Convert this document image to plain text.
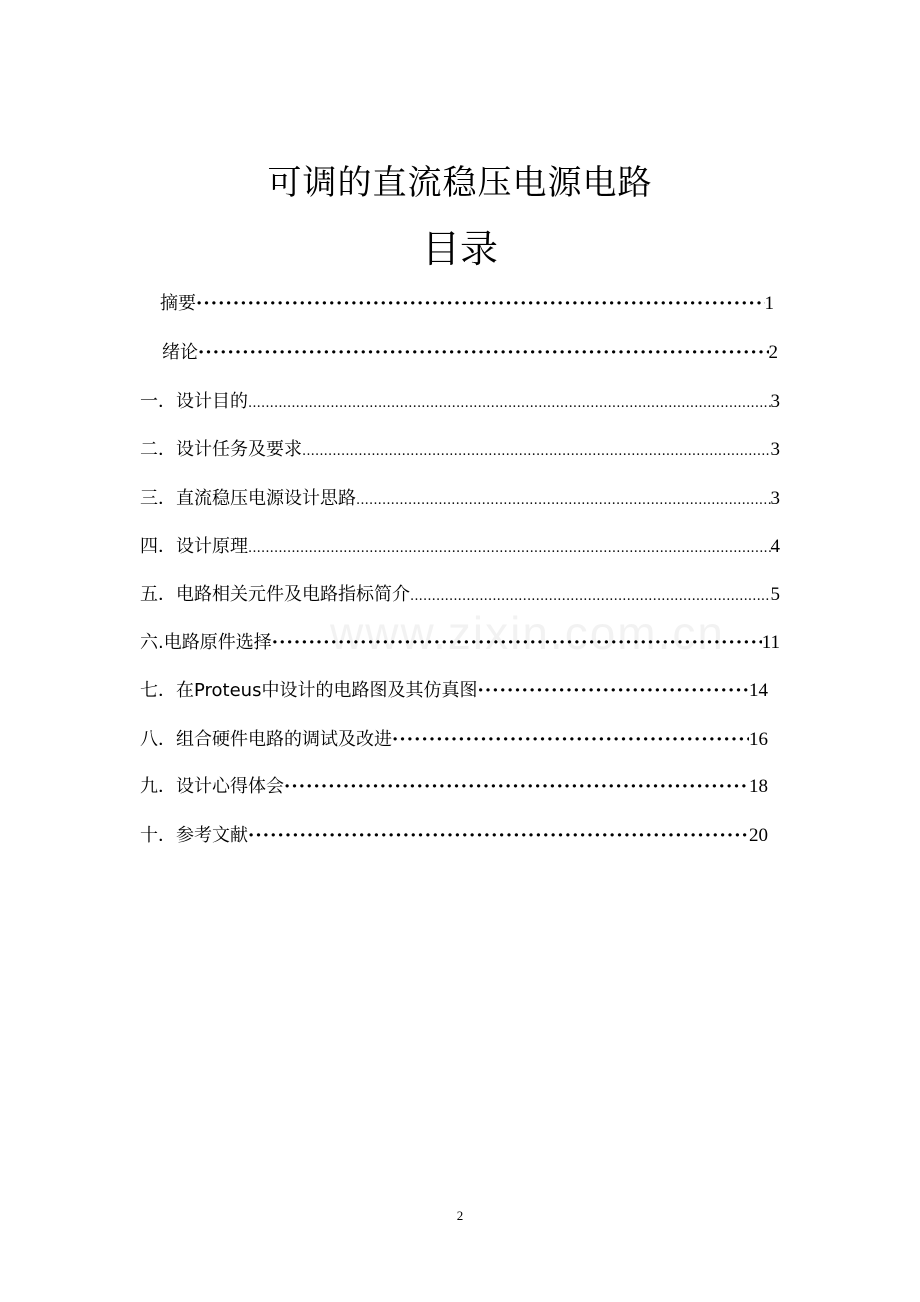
可调的直流稳压电源电路
目录
摘要 ·····	1
绪论 ·····	2
一．设计目的 .....	3
二．设计任务及要求 .....	3
三．直流稳压电源设计思路 .....	3
四．设计原理 .....	4
五．电路相关元件及电路指标简介 .....	5
六.电路原件选择 ·····	11
七．在Proteus中设计的电路图及其仿真图 ·····	14
八．组合硬件电路的调试及改进 ·····	16
九．设计心得体会 ·····	18
十．参考文献 ·····	20
www.zixin.com.cn
2
